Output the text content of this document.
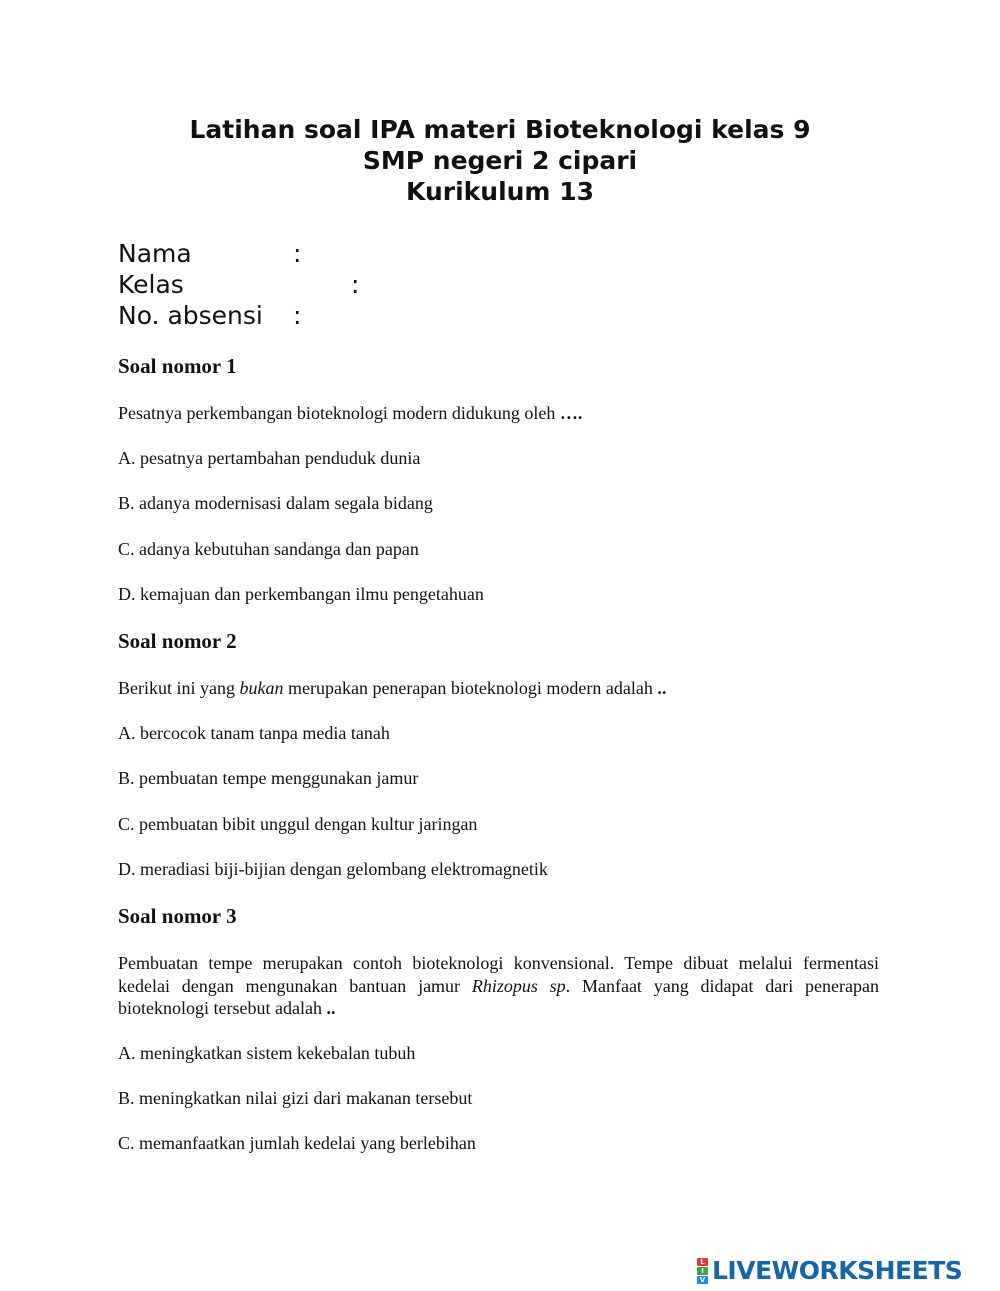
Latihan soal IPA materi Bioteknologi kelas 9
SMP negeri 2 cipari
Kurikulum 13
Nama	:
Kelas	:
No. absensi :
Soal nomor 1
Pesatnya perkembangan bioteknologi modern didukung oleh ….
A. pesatnya pertambahan penduduk dunia
B. adanya modernisasi dalam segala bidang
C. adanya kebutuhan sandanga dan papan
D. kemajuan dan perkembangan ilmu pengetahuan
Soal nomor 2
Berikut ini yang bukan merupakan penerapan bioteknologi modern adalah ..
A. bercocok tanam tanpa media tanah
B. pembuatan tempe menggunakan jamur
C. pembuatan bibit unggul dengan kultur jaringan
D. meradiasi biji-bijian dengan gelombang elektromagnetik
Soal nomor 3
Pembuatan tempe merupakan contoh bioteknologi konvensional. Tempe dibuat melalui fermentasi kedelai dengan mengunakan bantuan jamur Rhizopus sp. Manfaat yang didapat dari penerapan bioteknologi tersebut adalah ..
A. meningkatkan sistem kekebalan tubuh
B. meningkatkan nilai gizi dari makanan tersebut
C. memanfaatkan jumlah kedelai yang berlebihan
L
I
V LIVEWORKSHEETS
